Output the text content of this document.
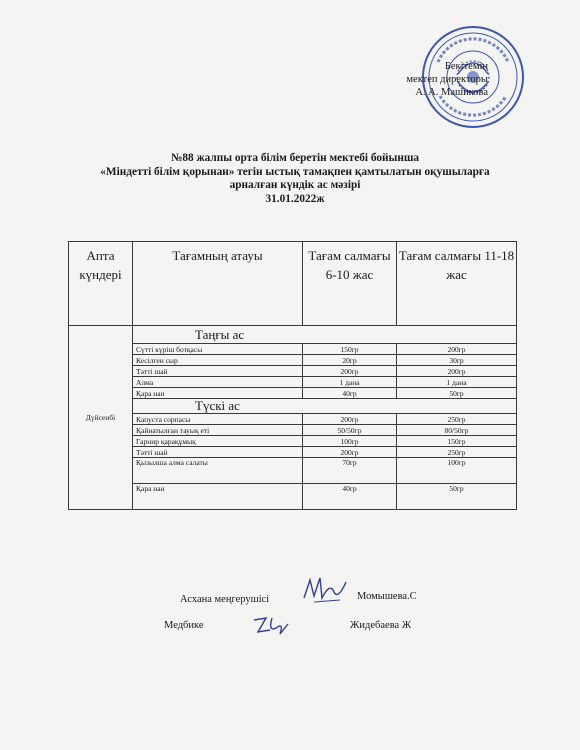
Бекітемін
мектеп директоры
А. А. Машикова
№88 жалпы орта білім беретін мектебі бойынша
«Міндетті білім қорынан» тегін ыстық тамақпен қамтылатын оқушыларға
арналған күндік ас мәзірі
31.01.2022ж
Апта күндері	Тағамның атауы	Тағам салмағы 6-10 жас	Тағам салмағы 11-18 жас
Дүйсенбі	Таңғы ас		
	Сүтті күріш ботқасы	150гр	200гр
	Кесілген сыр	20гр	30гр
	Тәтті шай	200гр	200гр
	Алма	1 дана	1 дана
	Қара нан	40гр	50гр
	Түскі ас		
	Капуста сорпасы	200гр	250гр
	Қайнатылған тауық еті	50/50гр	80/50гр
	Гарнир қарақұмық	100гр	150гр
	Тәтті шай	200гр	250гр
	Қызылша алма салаты	70гр	100гр
	Қара нан	40гр	50гр
Асхана меңгерушісі	Момышева.С
Медбике	Жидебаева Ж
